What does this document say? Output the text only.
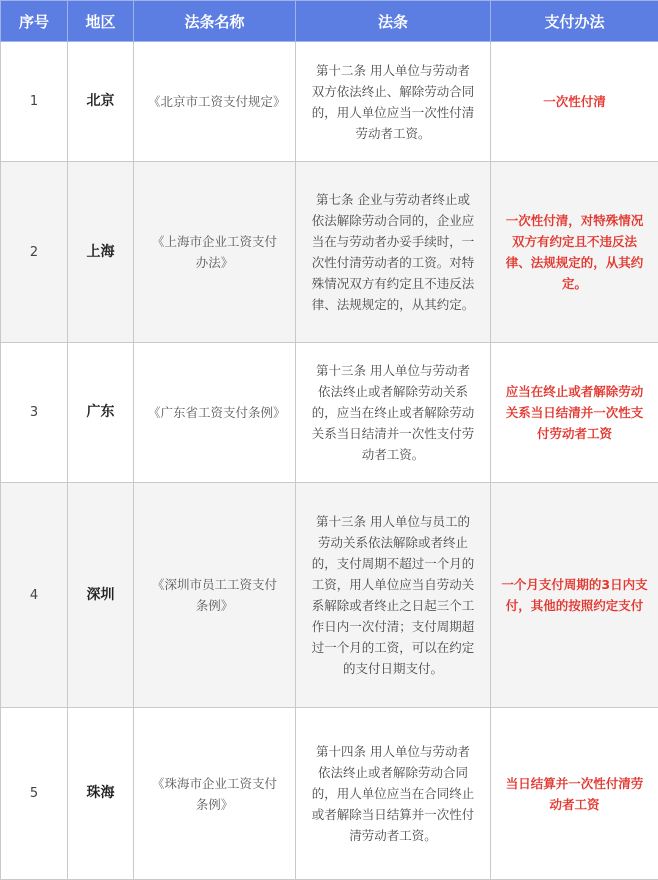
序号	地区	法条名称	法条	支付办法
1	北京	《北京市工资支付规定》	第十二条 用人单位与劳动者双方依法终止、解除劳动合同的，用人单位应当一次性付清劳动者工资。	一次性付清
2	上海	《上海市企业工资支付办法》	第七条 企业与劳动者终止或依法解除劳动合同的，企业应当在与劳动者办妥手续时，一次性付清劳动者的工资。对特殊情况双方有约定且不违反法律、法规规定的，从其约定。	一次性付清，对特殊情况双方有约定且不违反法律、法规规定的，从其约定。
3	广东	《广东省工资支付条例》	第十三条 用人单位与劳动者依法终止或者解除劳动关系的，应当在终止或者解除劳动关系当日结清并一次性支付劳动者工资。	应当在终止或者解除劳动关系当日结清并一次性支付劳动者工资
4	深圳	《深圳市员工工资支付条例》	第十三条 用人单位与员工的劳动关系依法解除或者终止的，支付周期不超过一个月的工资，用人单位应当自劳动关系解除或者终止之日起三个工作日内一次付清；支付周期超过一个月的工资，可以在约定的支付日期支付。	一个月支付周期的3日内支付，其他的按照约定支付
5	珠海	《珠海市企业工资支付条例》	第十四条 用人单位与劳动者依法终止或者解除劳动合同的，用人单位应当在合同终止或者解除当日结算并一次性付清劳动者工资。	当日结算并一次性付清劳动者工资
